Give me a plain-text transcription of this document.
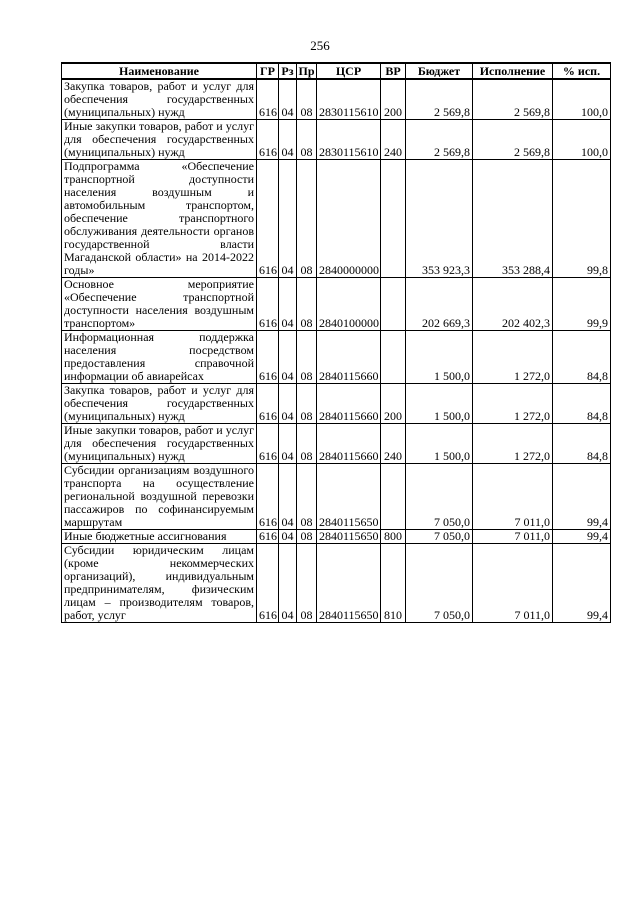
256
Наименование	ГР	Рз	Пр	ЦСР	ВР	Бюджет	Исполнение	% исп.
Закупка товаров, работ и услуг для обеспечения государственных (муниципальных) нужд	616	04	08	2830115610	200	2 569,8	2 569,8	100,0
Иные закупки товаров, работ и услуг для обеспечения государственных (муниципальных) нужд	616	04	08	2830115610	240	2 569,8	2 569,8	100,0
Подпрограмма «Обеспечение транспортной доступности населения воздушным и автомобильным транспортом, обеспечение транспортного обслуживания деятельности органов государственной власти Магаданской области» на 2014-2022 годы»	616	04	08	2840000000		353 923,3	353 288,4	99,8
Основное мероприятие «Обеспечение транспортной доступности населения воздушным транспортом»	616	04	08	2840100000		202 669,3	202 402,3	99,9
Информационная поддержка населения посредством предоставления справочной информации об авиарейсах	616	04	08	2840115660		1 500,0	1 272,0	84,8
Закупка товаров, работ и услуг для обеспечения государственных (муниципальных) нужд	616	04	08	2840115660	200	1 500,0	1 272,0	84,8
Иные закупки товаров, работ и услуг для обеспечения государственных (муниципальных) нужд	616	04	08	2840115660	240	1 500,0	1 272,0	84,8
Субсидии организациям воздушного транспорта на осуществление региональной воздушной перевозки пассажиров по софинансируемым маршрутам	616	04	08	2840115650		7 050,0	7 011,0	99,4
Иные бюджетные ассигнования	616	04	08	2840115650	800	7 050,0	7 011,0	99,4
Субсидии юридическим лицам (кроме некоммерческих организаций), индивидуальным предпринимателям, физическим лицам – производителям товаров, работ, услуг	616	04	08	2840115650	810	7 050,0	7 011,0	99,4
